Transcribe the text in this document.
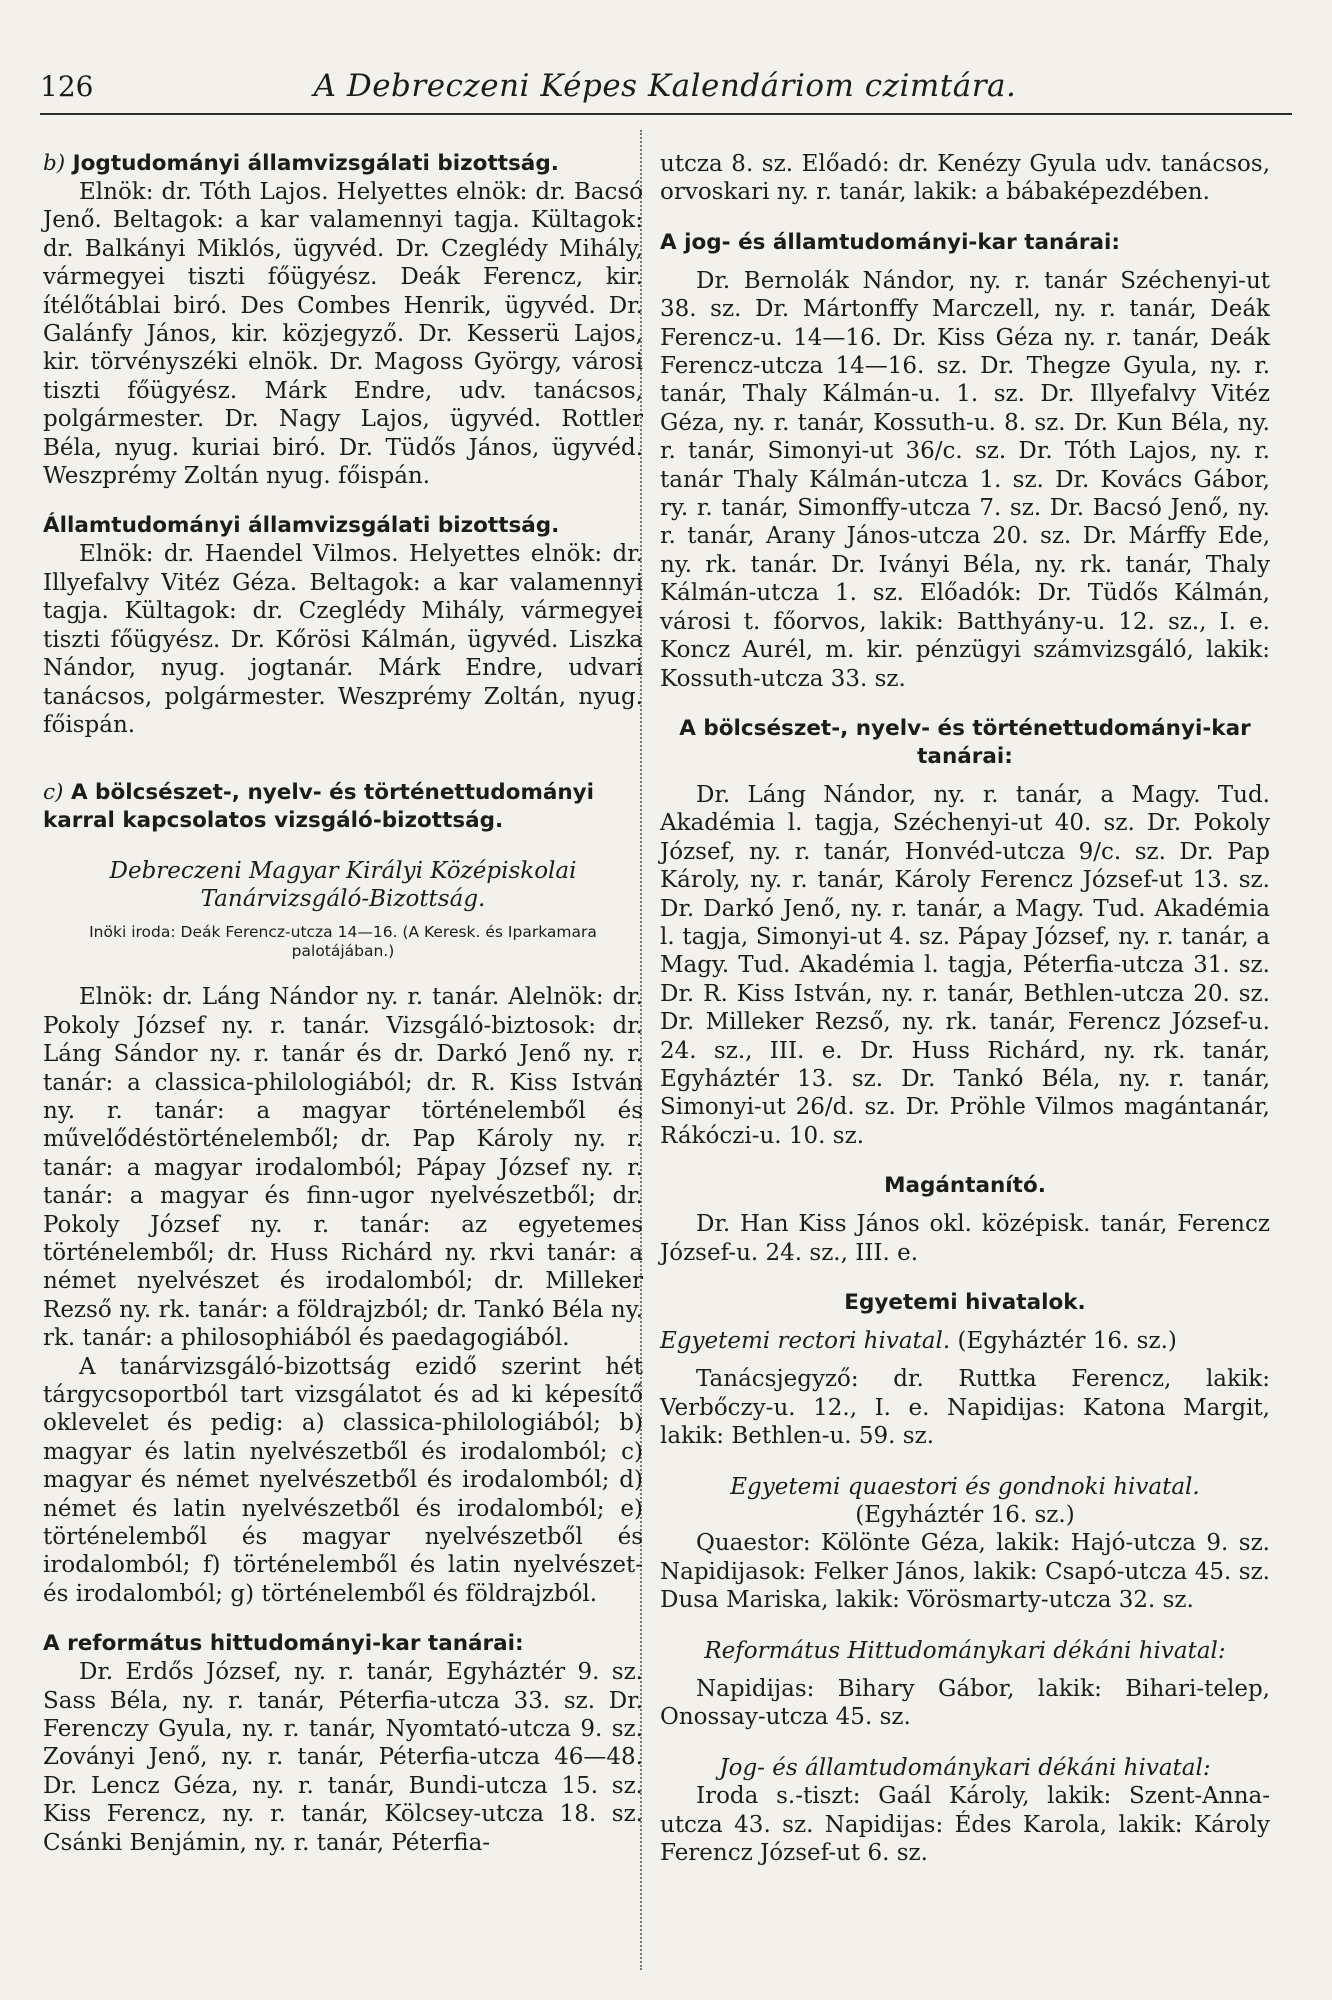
126	A Debreczeni Képes Kalendáriom czimtára.

b) Jogtudományi államvizsgálati bizottság.

Elnök: dr. Tóth Lajos. Helyettes elnök: dr. Bacsó Jenő. Beltagok: a kar valamennyi tagja. Kültagok: dr. Balkányi Miklós, ügyvéd. Dr. Czeglédy Mihály, vármegyei tiszti főügyész. Deák Ferencz, kir. ítélőtáblai biró. Des Combes Henrik, ügyvéd. Dr. Galánfy János, kir. közjegyző. Dr. Kesserü Lajos, kir. törvényszéki elnök. Dr. Magoss György, városi tiszti főügyész. Márk Endre, udv. tanácsos, polgármester. Dr. Nagy Lajos, ügyvéd. Rottler Béla, nyug. kuriai biró. Dr. Tüdős János, ügyvéd. Weszprémy Zoltán nyug. főispán.

Államtudományi államvizsgálati bizottság.

Elnök: dr. Haendel Vilmos. Helyettes elnök: dr. Illyefalvy Vitéz Géza. Beltagok: a kar valamennyi tagja. Kültagok: dr. Czeglédy Mihály, vármegyei tiszti főügyész. Dr. Kőrösi Kálmán, ügyvéd. Liszka Nándor, nyug. jogtanár. Márk Endre, udvari tanácsos, polgármester. Weszprémy Zoltán, nyug. főispán.

c) A bölcsészet-, nyelv- és történettudományi karral kapcsolatos vizsgáló-bizottság.

Debreczeni Magyar Királyi Középiskolai Tanárvizsgáló-Bizottság.

Inöki iroda: Deák Ferencz-utcza 14—16. (A Keresk. és Iparkamara palotájában.)

Elnök: dr. Láng Nándor ny. r. tanár. Alelnök: dr. Pokoly József ny. r. tanár. Vizsgáló-biztosok: dr. Láng Sándor ny. r. tanár és dr. Darkó Jenő ny. r. tanár: a classica-philologiából; dr. R. Kiss István ny. r. tanár: a magyar történelemből és művelődéstörténelemből; dr. Pap Károly ny. r. tanár: a magyar irodalomból; Pápay József ny. r. tanár: a magyar és finn-ugor nyelvészetből; dr. Pokoly József ny. r. tanár: az egyetemes történelemből; dr. Huss Richárd ny. rkvi tanár: a német nyelvészet és irodalomból; dr. Milleker Rezső ny. rk. tanár: a földrajzból; dr. Tankó Béla ny. rk. tanár: a philosophiából és paedagogiából.

A tanárvizsgáló-bizottság ezidő szerint hét tárgycsoportból tart vizsgálatot és ad ki képesítő oklevelet és pedig: a) classica-philologiából; b) magyar és latin nyelvészetből és irodalomból; c) magyar és német nyelvészetből és irodalomból; d) német és latin nyelvészetből és irodalomból; e) történelemből és magyar nyelvészetből és irodalomból; f) történelemből és latin nyelvészet- és irodalomból; g) történelemből és földrajzból.

A református hittudományi-kar tanárai:

Dr. Erdős József, ny. r. tanár, Egyháztér 9. sz. Sass Béla, ny. r. tanár, Péterfia-utcza 33. sz. Dr. Ferenczy Gyula, ny. r. tanár, Nyomtató-utcza 9. sz. Zoványi Jenő, ny. r. tanár, Péterfia-utcza 46—48. Dr. Lencz Géza, ny. r. tanár, Bundi-utcza 15. sz. Kiss Ferencz, ny. r. tanár, Kölcsey-utcza 18. sz. Csánki Benjámin, ny. r. tanár, Péterfia-

utcza 8. sz. Előadó: dr. Kenézy Gyula udv. tanácsos, orvoskari ny. r. tanár, lakik: a bábaképezdében.

A jog- és államtudományi-kar tanárai:

Dr. Bernolák Nándor, ny. r. tanár Széchenyi-ut 38. sz. Dr. Mártonffy Marczell, ny. r. tanár, Deák Ferencz-u. 14—16. Dr. Kiss Géza ny. r. tanár, Deák Ferencz-utcza 14—16. sz. Dr. Thegze Gyula, ny. r. tanár, Thaly Kálmán-u. 1. sz. Dr. Illyefalvy Vitéz Géza, ny. r. tanár, Kossuth-u. 8. sz. Dr. Kun Béla, ny. r. tanár, Simonyi-ut 36/c. sz. Dr. Tóth Lajos, ny. r. tanár Thaly Kálmán-utcza 1. sz. Dr. Kovács Gábor, ry. r. tanár, Simonffy-utcza 7. sz. Dr. Bacsó Jenő, ny. r. tanár, Arany János-utcza 20. sz. Dr. Márffy Ede, ny. rk. tanár. Dr. Iványi Béla, ny. rk. tanár, Thaly Kálmán-utcza 1. sz. Előadók: Dr. Tüdős Kálmán, városi t. főorvos, lakik: Batthyány-u. 12. sz., I. e. Koncz Aurél, m. kir. pénzügyi számvizsgáló, lakik: Kossuth-utcza 33. sz.

A bölcsészet-, nyelv- és történettudományi-kar tanárai:

Dr. Láng Nándor, ny. r. tanár, a Magy. Tud. Akadémia l. tagja, Széchenyi-ut 40. sz. Dr. Pokoly József, ny. r. tanár, Honvéd-utcza 9/c. sz. Dr. Pap Károly, ny. r. tanár, Károly Ferencz József-ut 13. sz. Dr. Darkó Jenő, ny. r. tanár, a Magy. Tud. Akadémia l. tagja, Simonyi-ut 4. sz. Pápay József, ny. r. tanár, a Magy. Tud. Akadémia l. tagja, Péterfia-utcza 31. sz. Dr. R. Kiss István, ny. r. tanár, Bethlen-utcza 20. sz. Dr. Milleker Rezső, ny. rk. tanár, Ferencz József-u. 24. sz., III. e. Dr. Huss Richárd, ny. rk. tanár, Egyháztér 13. sz. Dr. Tankó Béla, ny. r. tanár, Simonyi-ut 26/d. sz. Dr. Pröhle Vilmos magántanár, Rákóczi-u. 10. sz.

Magántanító.

Dr. Han Kiss János okl. középisk. tanár, Ferencz József-u. 24. sz., III. e.

Egyetemi hivatalok.

Egyetemi rectori hivatal. (Egyháztér 16. sz.)

Tanácsjegyző: dr. Ruttka Ferencz, lakik: Verbőczy-u. 12., I. e. Napidijas: Katona Margit, lakik: Bethlen-u. 59. sz.

Egyetemi quaestori és gondnoki hivatal.

(Egyháztér 16. sz.)

Quaestor: Kölönte Géza, lakik: Hajó-utcza 9. sz. Napidijasok: Felker János, lakik: Csapó-utcza 45. sz. Dusa Mariska, lakik: Vörösmarty-utcza 32. sz.

Református Hittudománykari dékáni hivatal:

Napidijas: Bihary Gábor, lakik: Bihari-telep, Onossay-utcza 45. sz.

Jog- és államtudománykari dékáni hivatal:

Iroda s.-tiszt: Gaál Károly, lakik: Szent-Anna-utcza 43. sz. Napidijas: Édes Karola, lakik: Károly Ferencz József-ut 6. sz.
